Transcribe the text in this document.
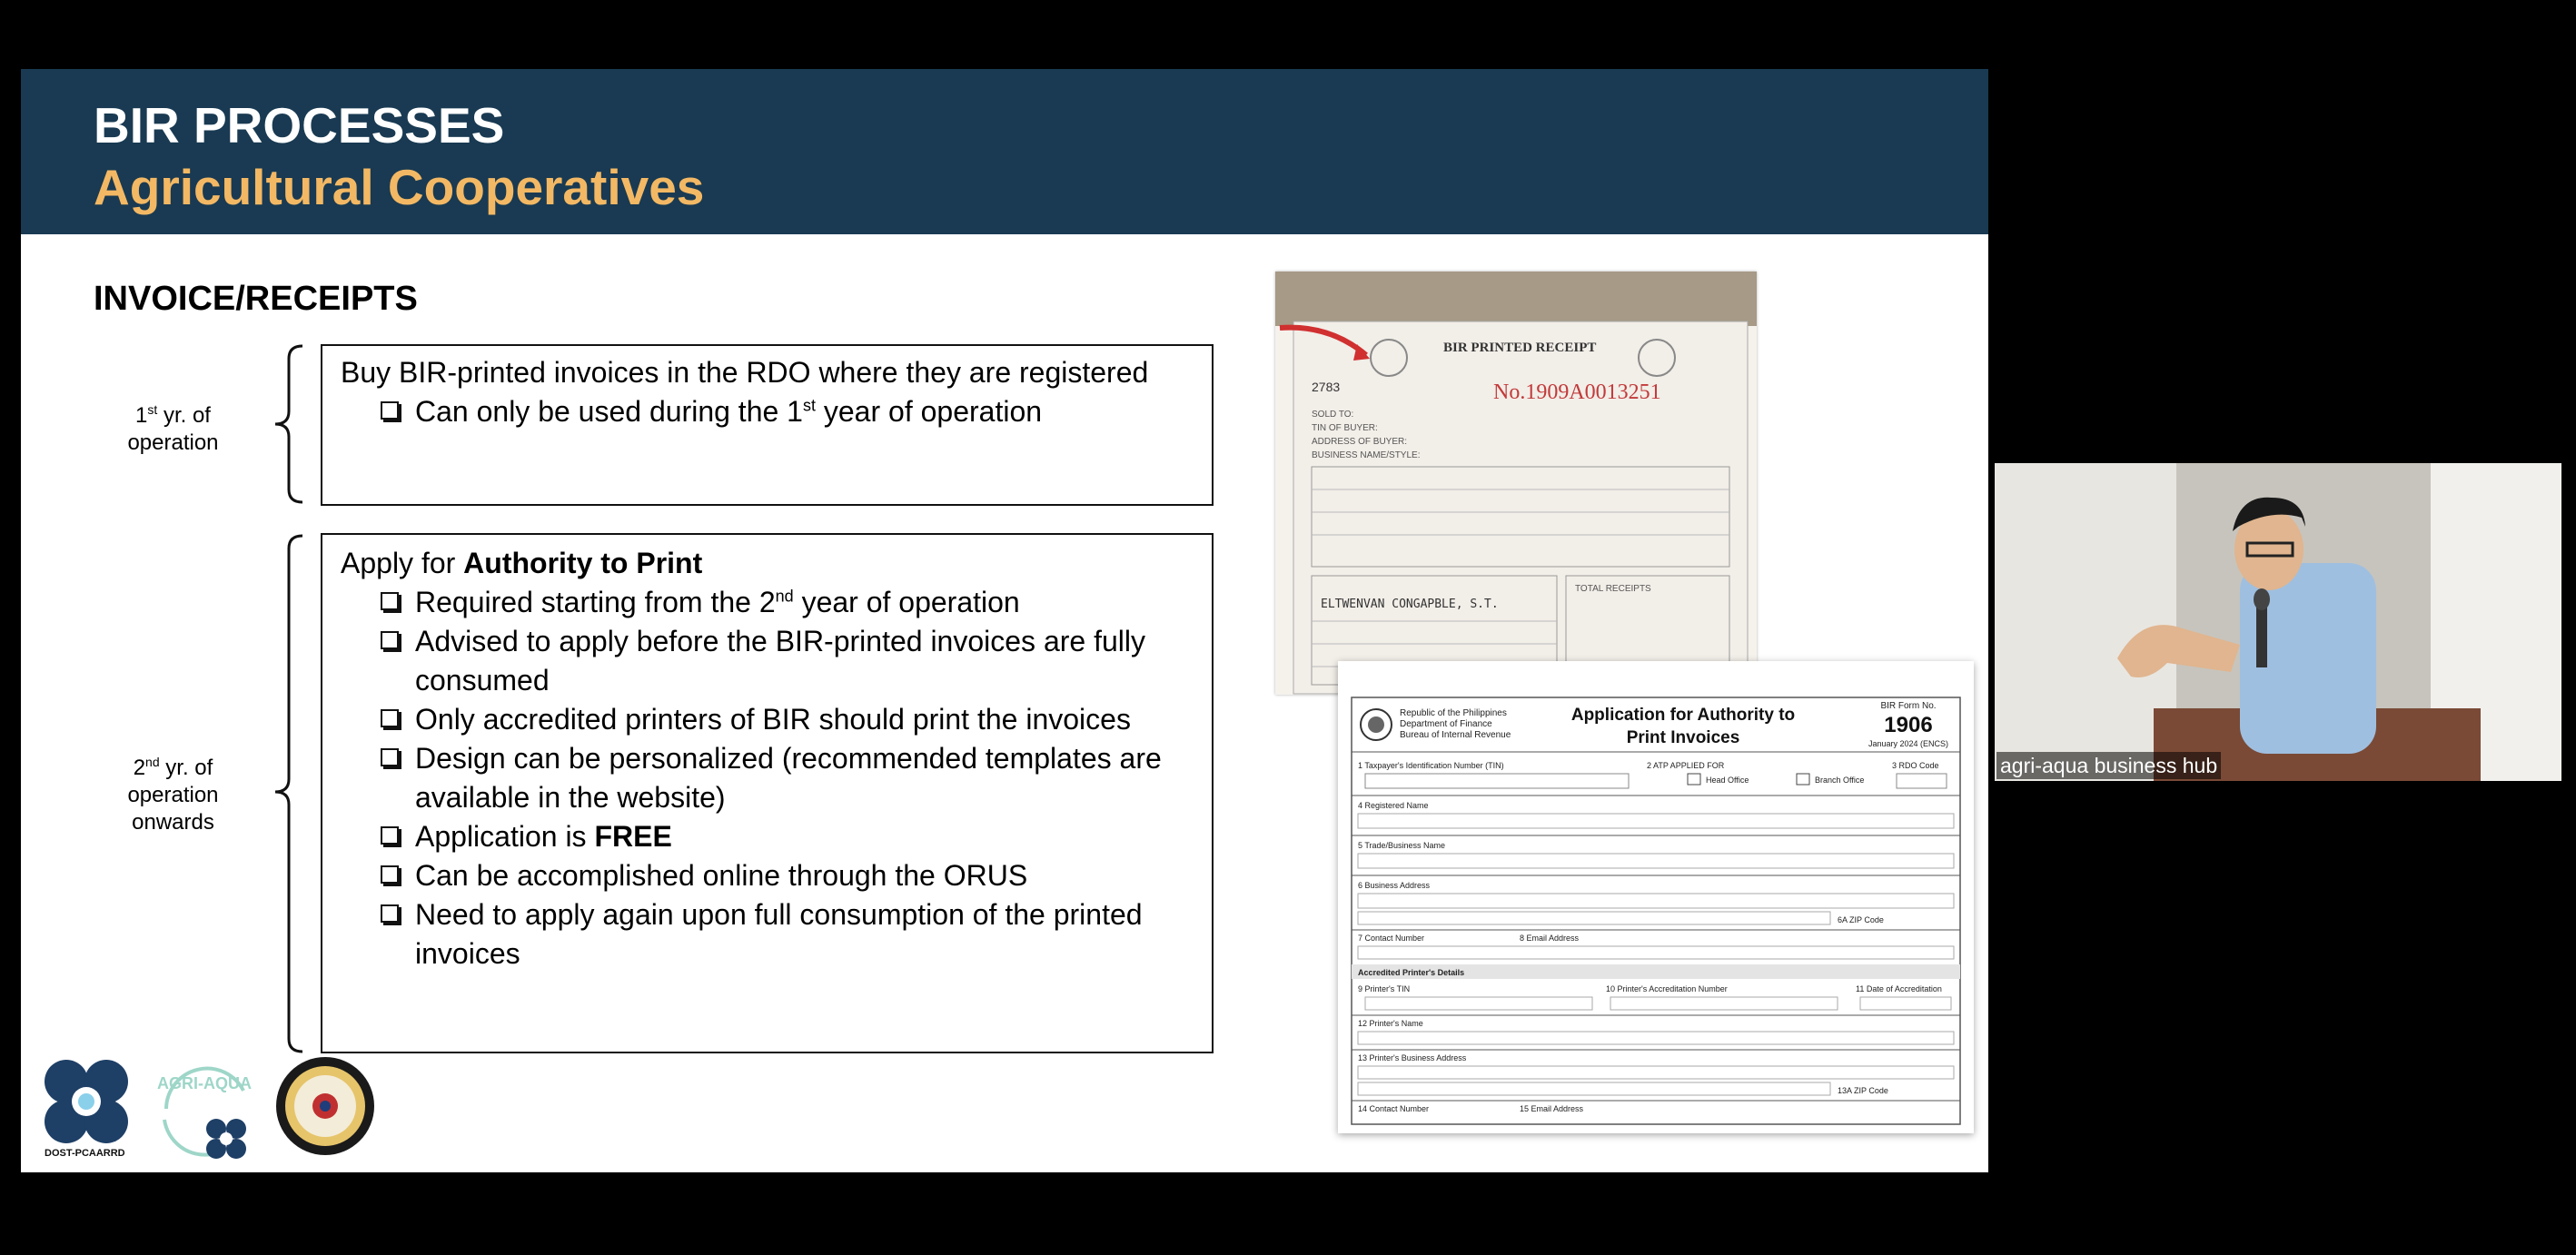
BIR PROCESSES
Agricultural Cooperatives
INVOICE/RECEIPTS
1st yr. of
operation
Buy BIR-printed invoices in the RDO where they are registered
Can only be used during the 1st year of operation
2nd yr. of
operation
onwards
Apply for Authority to Print
Required starting from the 2nd year of operation
Advised to apply before the BIR-printed invoices are fully consumed
Only accredited printers of BIR should print the invoices
Design can be personalized (recommended templates are available in the website)
Application is FREE
Can be accomplished online through the ORUS
Need to apply again upon full consumption of the printed invoices
BIR PRINTED RECEIPT
2783	No.1909A0013251
SOLD TO:
TIN OF BUYER:
ADDRESS OF BUYER:
BUSINESS NAME/STYLE:
TOTAL RECEIPTS
ELTWENVAN CONGAPBLE, S.T.
Republic of the Philippines
Department of Finance
Bureau of Internal Revenue
Application for Authority to
Print Invoices
BIR Form No.
1906
January 2024 (ENCS)
1 Taxpayer's Identification Number (TIN)	2 ATP APPLIED FOR
Head Office	Branch Office
3 RDO Code
4 Registered Name
5 Trade/Business Name
6 Business Address
6A ZIP Code
7 Contact Number	8 Email Address
Accredited Printer's Details
9 Printer's TIN	10 Printer's Accreditation Number	11 Date of Accreditation
12 Printer's Name
13 Printer's Business Address
13A ZIP Code
14 Contact Number	15 Email Address
DOST-PCAARRD
AGRI-AQUA
agri-aqua business hub
